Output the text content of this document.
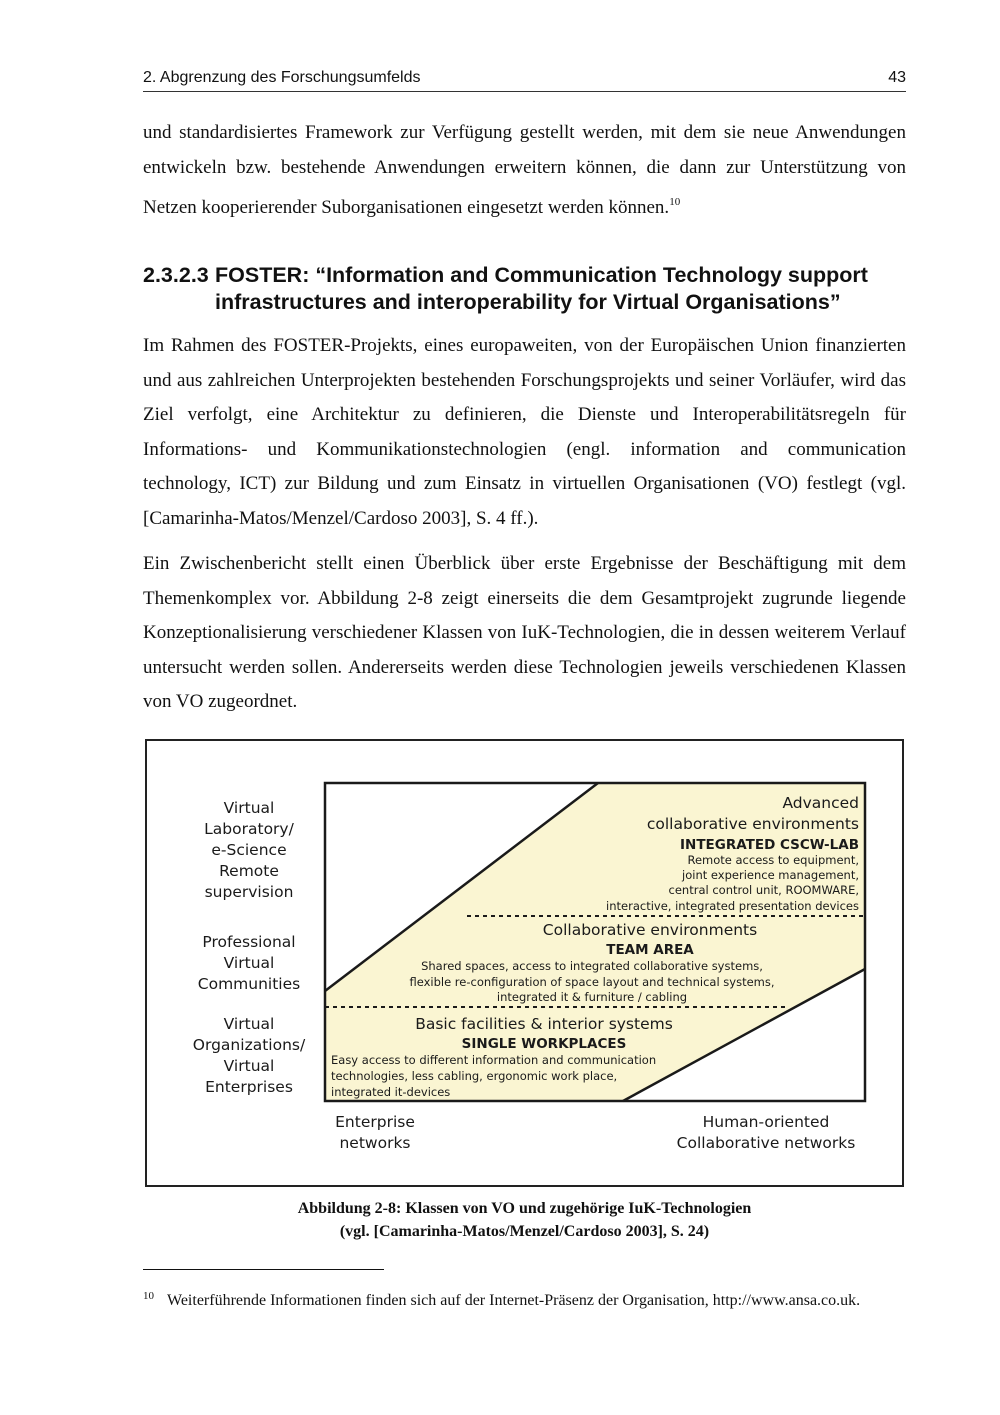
2. Abgrenzung des Forschungsumfelds	43

und standardisiertes Framework zur Verfügung gestellt werden, mit dem sie neue Anwendungen entwickeln bzw. bestehende Anwendungen erweitern können, die dann zur Unterstützung von Netzen kooperierender Suborganisationen eingesetzt werden können.$^{10}$

2.3.2.3 FOSTER: “Information and Communication Technology support
infrastructures and interoperability for Virtual Organisations”

Im Rahmen des FOSTER-Projekts, eines europaweiten, von der Europäischen Union finanzierten und aus zahlreichen Unterprojekten bestehenden Forschungsprojekts und seiner Vorläufer, wird das Ziel verfolgt, eine Architektur zu definieren, die Dienste und Interoperabilitätsregeln für Informations- und Kommunikationstechnologien (engl. information and communication technology, ICT) zur Bildung und zum Einsatz in virtuellen Organisationen (VO) festlegt (vgl. [Camarinha-Matos/Menzel/Cardoso 2003], S. 4 ff.).

Ein Zwischenbericht stellt einen Überblick über erste Ergebnisse der Beschäftigung mit dem Themenkomplex vor. Abbildung 2-8 zeigt einerseits die dem Gesamtprojekt zugrunde liegende Konzeptionalisierung verschiedener Klassen von IuK-Technologien, die in dessen weiterem Verlauf untersucht werden sollen. Andererseits werden diese Technologien jeweils verschiedenen Klassen von VO zugeordnet.

Virtual
Laboratory/
e-Science
Remote
supervision
Professional
Virtual
Communities
Virtual
Organizations/
Virtual
Enterprises
Advanced
collaborative environments
INTEGRATED CSCW-LAB
Remote access to equipment,
joint experience management,
central control unit, ROOMWARE,
interactive, integrated presentation devices
Collaborative environments
TEAM AREA
Shared spaces, access to integrated collaborative systems,
flexible re-configuration of space layout and technical systems,
integrated it & furniture / cabling
Basic facilities & interior systems
SINGLE WORKPLACES
Easy access to different information and communication
technologies, less cabling, ergonomic work place,
integrated it-devices
Enterprise
networks
Human-oriented
Collaborative networks
Abbildung 2-8: Klassen von VO und zugehörige IuK-Technologien
(vgl. [Camarinha-Matos/Menzel/Cardoso 2003], S. 24)
10 Weiterführende Informationen finden sich auf der Internet-Präsenz der Organisation, http://www.ansa.co.uk.
